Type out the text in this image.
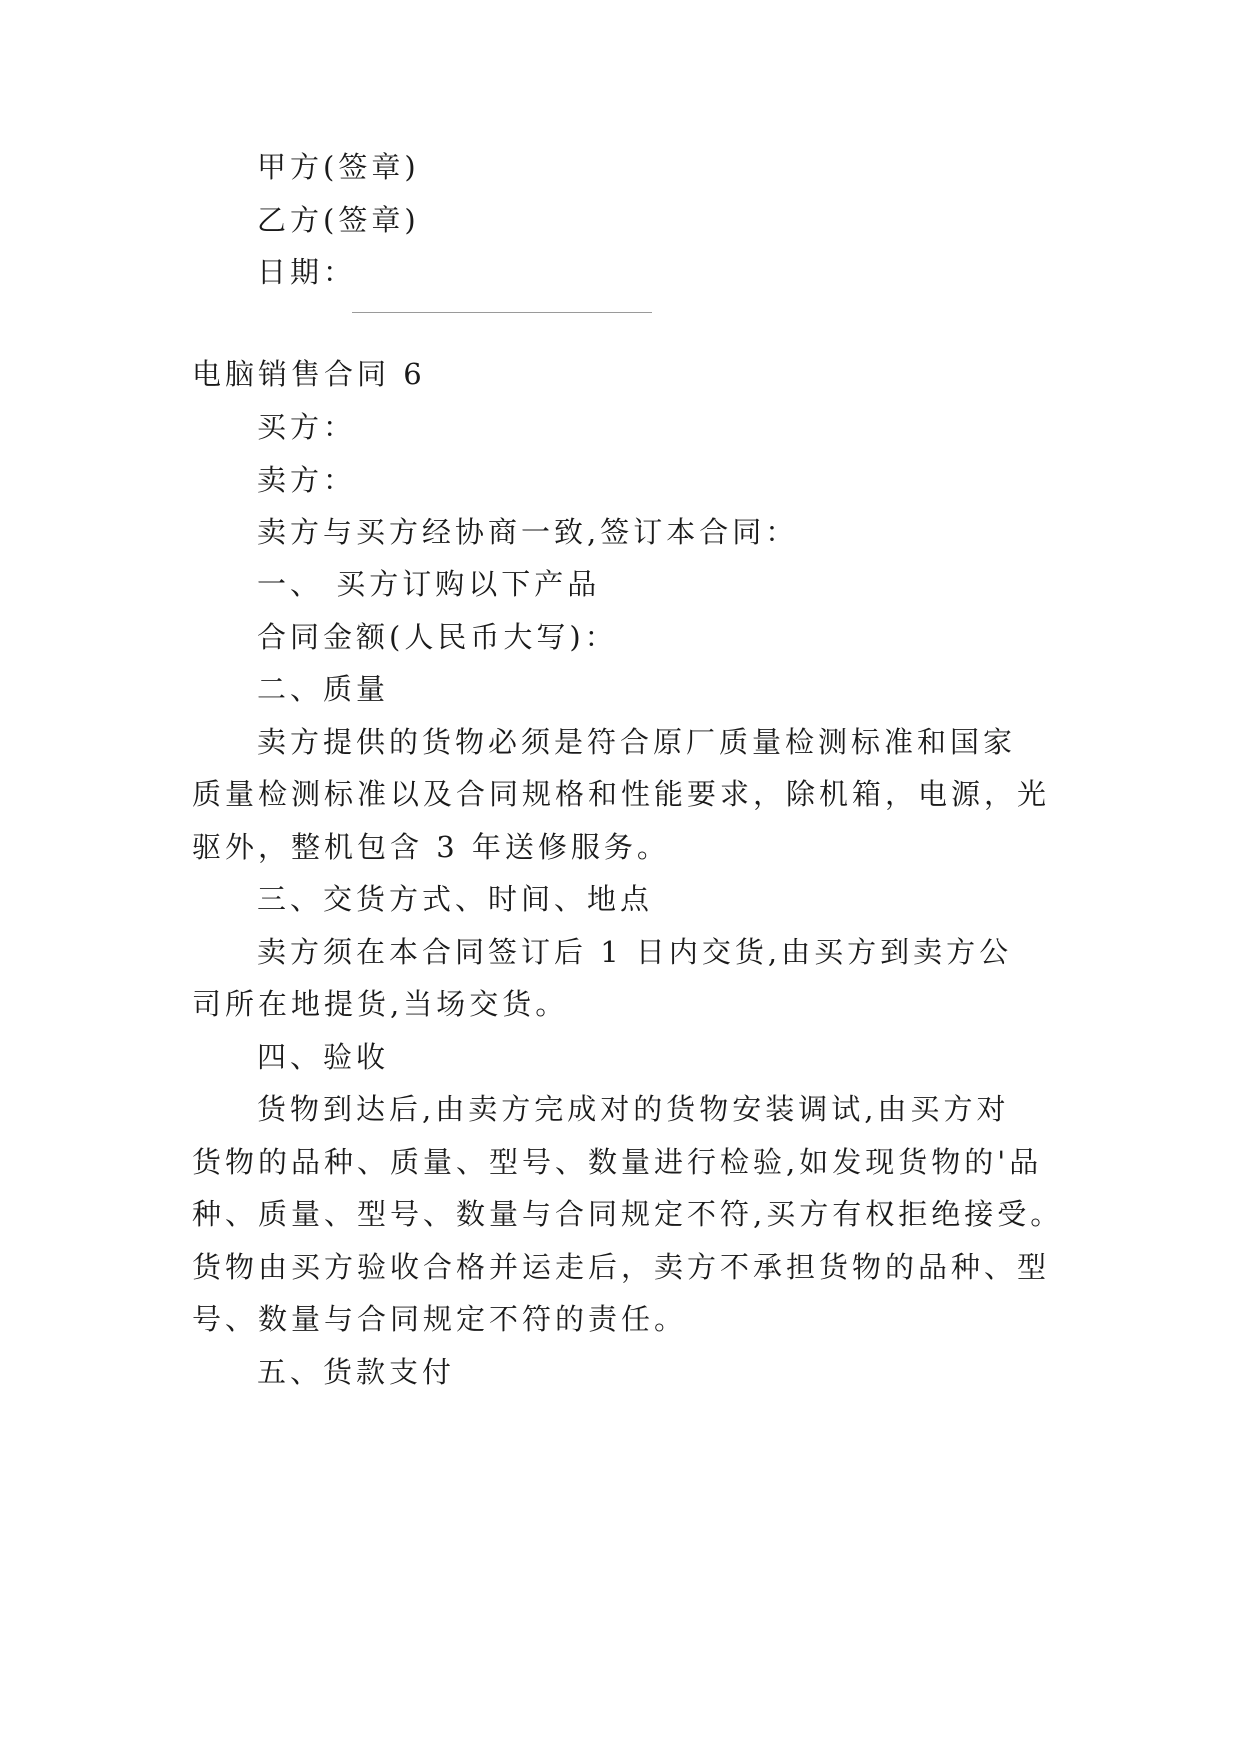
甲方(签章)
乙方(签章)
日期：
电脑销售合同 6
买方：
卖方：
卖方与买方经协商一致,签订本合同：
一、 买方订购以下产品
合同金额(人民币大写)：
二、质量
卖方提供的货物必须是符合原厂质量检测标准和国家
质量检测标准以及合同规格和性能要求，除机箱，电源，光
驱外，整机包含 3 年送修服务。
三、交货方式、时间、地点
卖方须在本合同签订后 1 日内交货,由买方到卖方公
司所在地提货,当场交货。
四、验收
货物到达后,由卖方完成对的货物安装调试,由买方对
货物的品种、质量、型号、数量进行检验,如发现货物的'品
种、质量、型号、数量与合同规定不符,买方有权拒绝接受。
货物由买方验收合格并运走后，卖方不承担货物的品种、型
号、数量与合同规定不符的责任。
五、货款支付
